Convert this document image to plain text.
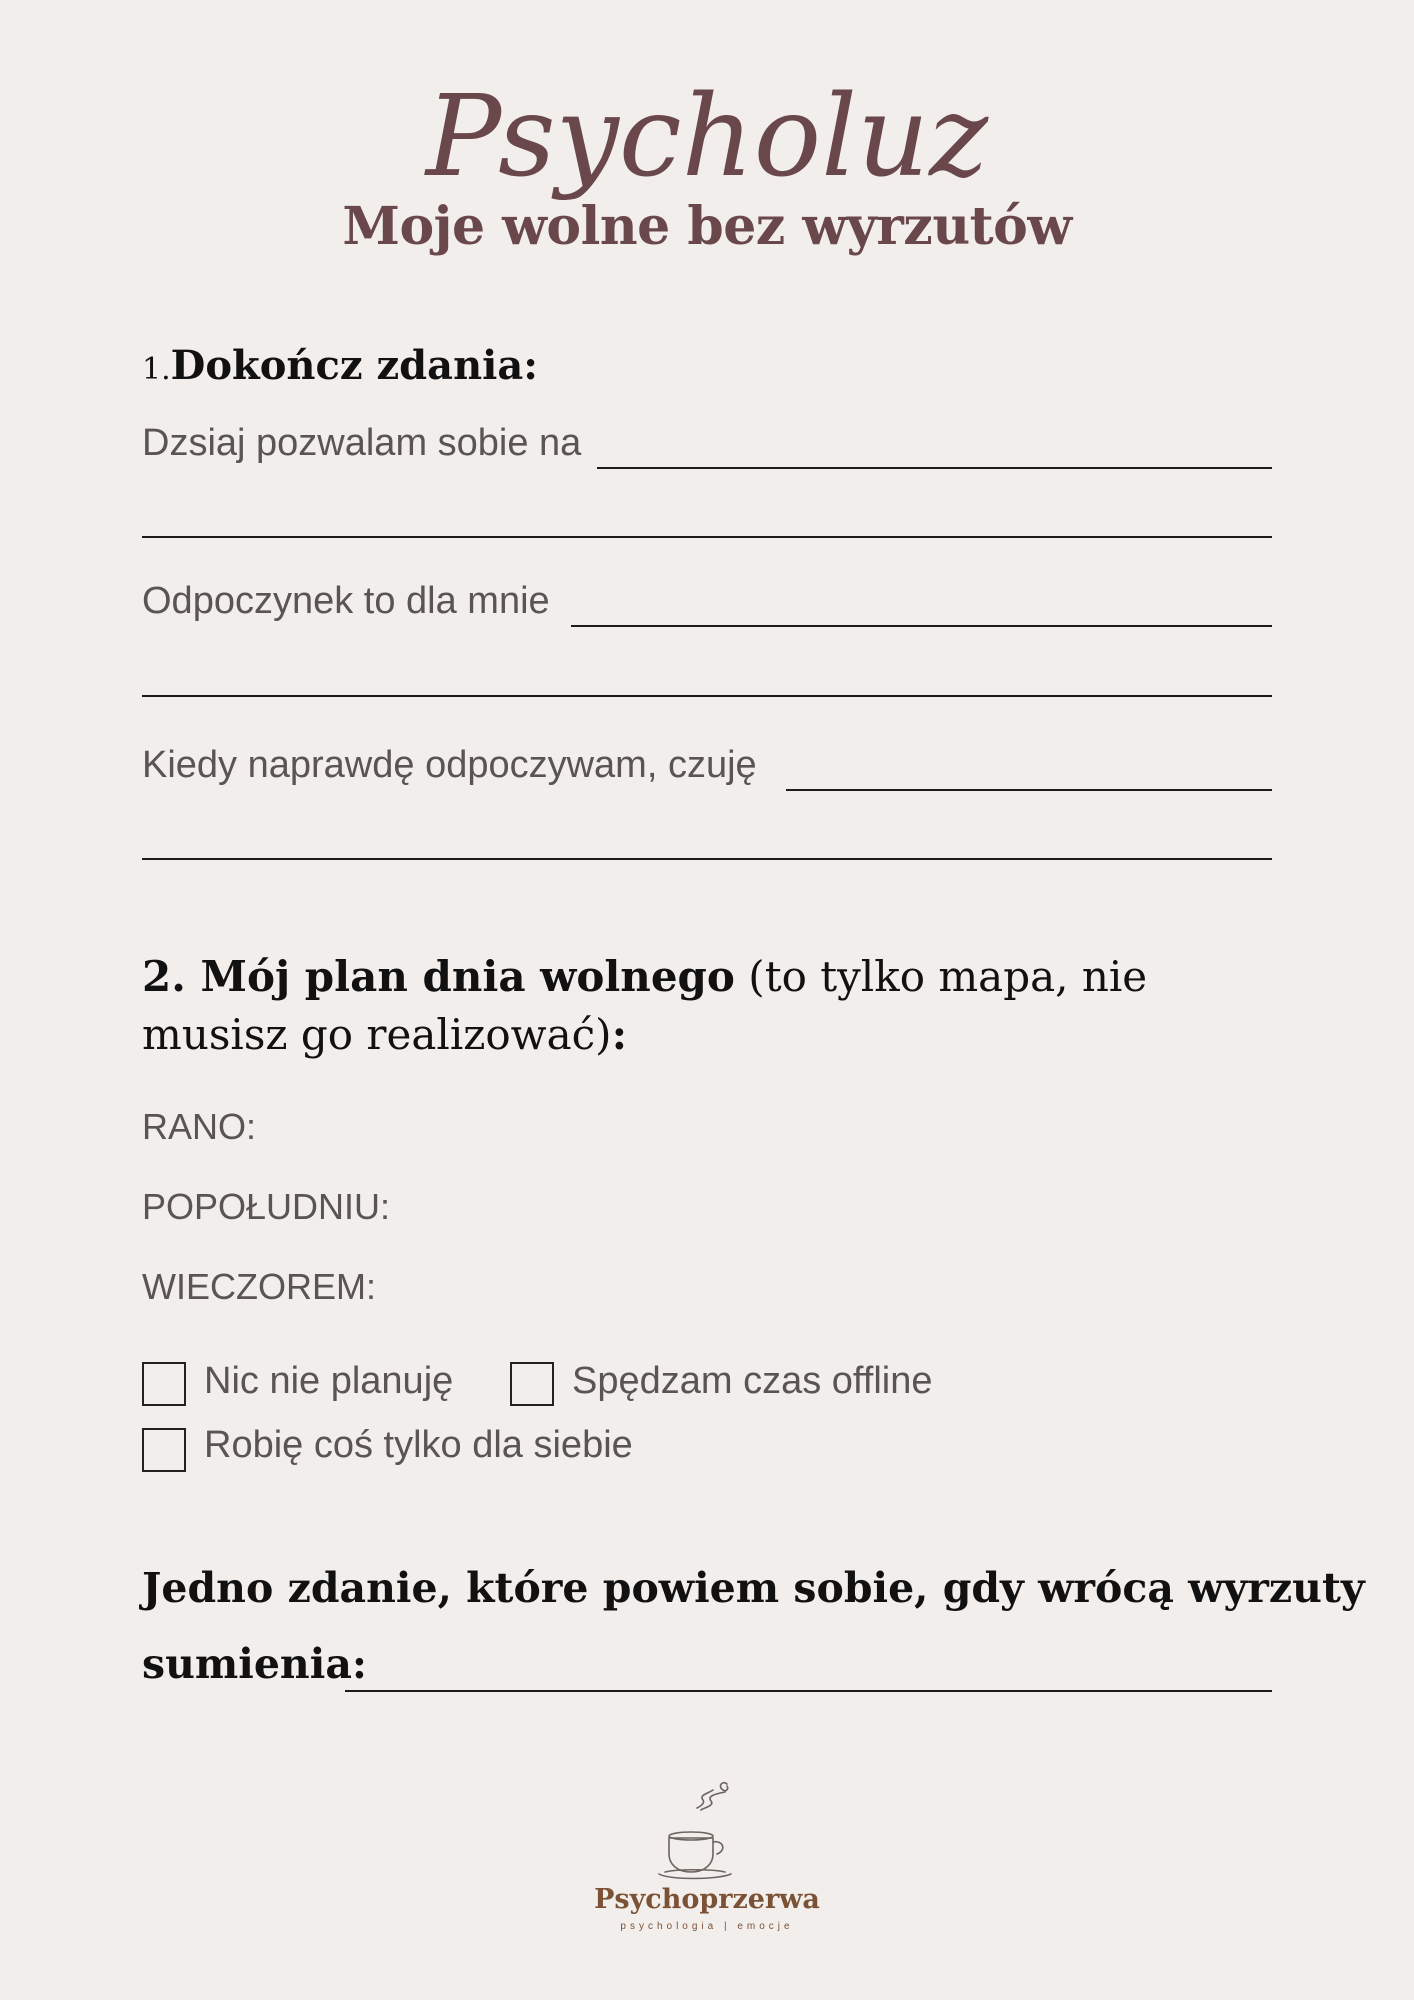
Psycholuz
Moje wolne bez wyrzutów
1.Dokończ zdania:
Dzsiaj pozwalam sobie na
Odpoczynek to dla mnie
Kiedy naprawdę odpoczywam, czuję
2. Mój plan dnia wolnego (to tylko mapa, nie musisz go realizować):
RANO:
POPOŁUDNIU:
WIECZOREM:
Nic nie planuję	Spędzam czas offline
Robię coś tylko dla siebie
Jedno zdanie, które powiem sobie, gdy wrócą wyrzuty
sumienia:
Psychoprzerwa
psychologia | emocje
